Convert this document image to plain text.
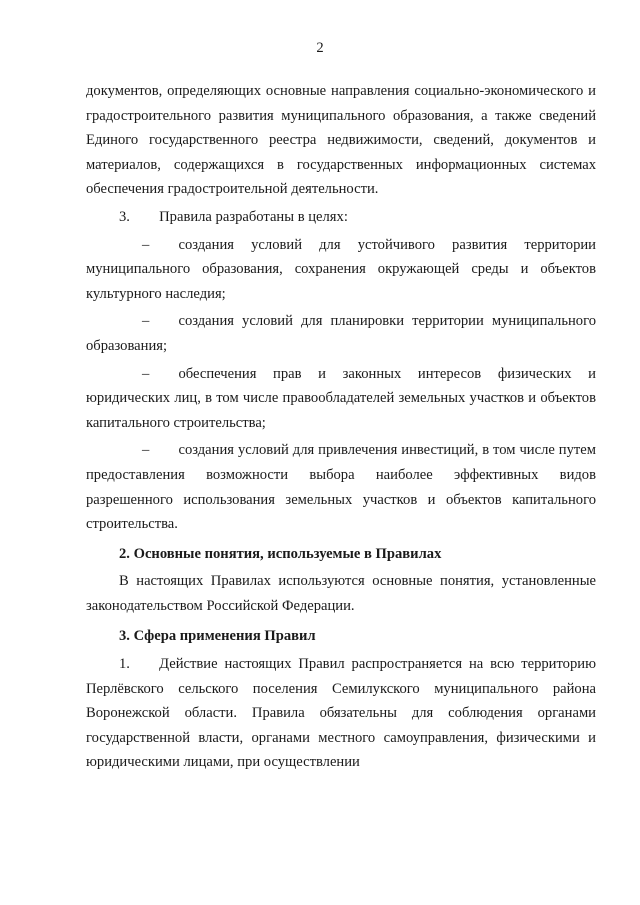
2

документов, определяющих основные направления социально-экономического и градостроительного развития муниципального образования, а также сведений Единого государственного реестра недвижимости, сведений, документов и материалов, содержащихся в государственных информационных системах обеспечения градостроительной деятельности.

3.  Правила разработаны в целях:

–  создания условий для устойчивого развития территории муниципального образования, сохранения окружающей среды и объектов культурного наследия;

–  создания условий для планировки территории муниципального образования;

–  обеспечения прав и законных интересов физических и юридических лиц, в том числе правообладателей земельных участков и объектов капитального строительства;

–  создания условий для привлечения инвестиций, в том числе путем предоставления возможности выбора наиболее эффективных видов разрешенного использования земельных участков и объектов капитального строительства.

2. Основные понятия, используемые в Правилах

В настоящих Правилах используются основные понятия, установленные законодательством Российской Федерации.

3. Сфера применения Правил

1.  Действие настоящих Правил распространяется на всю территорию Перлёвского сельского поселения Семилукского муниципального района Воронежской области. Правила обязательны для соблюдения органами государственной власти, органами местного самоуправления, физическими и юридическими лицами, при осуществлении
